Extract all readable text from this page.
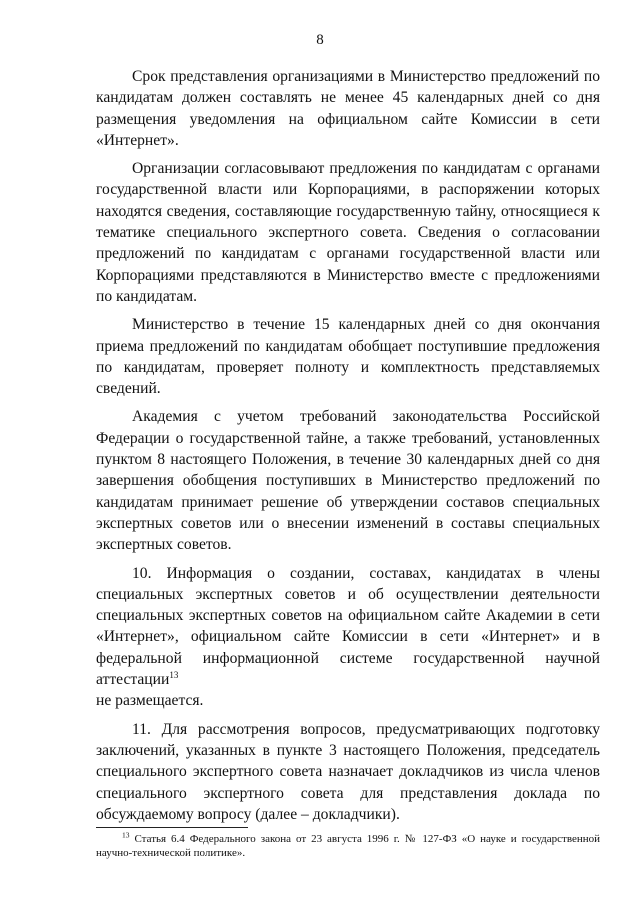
8

Срок представления организациями в Министерство предложений по кандидатам должен составлять не менее 45 календарных дней со дня размещения уведомления на официальном сайте Комиссии в сети «Интернет».

Организации согласовывают предложения по кандидатам с органами государственной власти или Корпорациями, в распоряжении которых находятся сведения, составляющие государственную тайну, относящиеся к тематике специального экспертного совета. Сведения о согласовании предложений по кандидатам с органами государственной власти или Корпорациями представляются в Министерство вместе с предложениями по кандидатам.

Министерство в течение 15 календарных дней со дня окончания приема предложений по кандидатам обобщает поступившие предложения по кандидатам, проверяет полноту и комплектность представляемых сведений.

Академия с учетом требований законодательства Российской Федерации о государственной тайне, а также требований, установленных пунктом 8 настоящего Положения, в течение 30 календарных дней со дня завершения обобщения поступивших в Министерство предложений по кандидатам принимает решение об утверждении составов специальных экспертных советов или о внесении изменений в составы специальных экспертных советов.

10. Информация о создании, составах, кандидатах в члены специальных экспертных советов и об осуществлении деятельности специальных экспертных советов на официальном сайте Академии в сети «Интернет», официальном сайте Комиссии в сети «Интернет» и в федеральной информационной системе государственной научной аттестации$^{13}$

не размещается.

11. Для рассмотрения вопросов, предусматривающих подготовку заключений, указанных в пункте 3 настоящего Положения, председатель специального экспертного совета назначает докладчиков из числа членов специального экспертного совета для представления доклада по обсуждаемому вопросу (далее – докладчики).

$^{13}$ Статья 6.4 Федерального закона от 23 августа 1996 г. № 127-ФЗ «О науке и государственной научно-технической политике».
